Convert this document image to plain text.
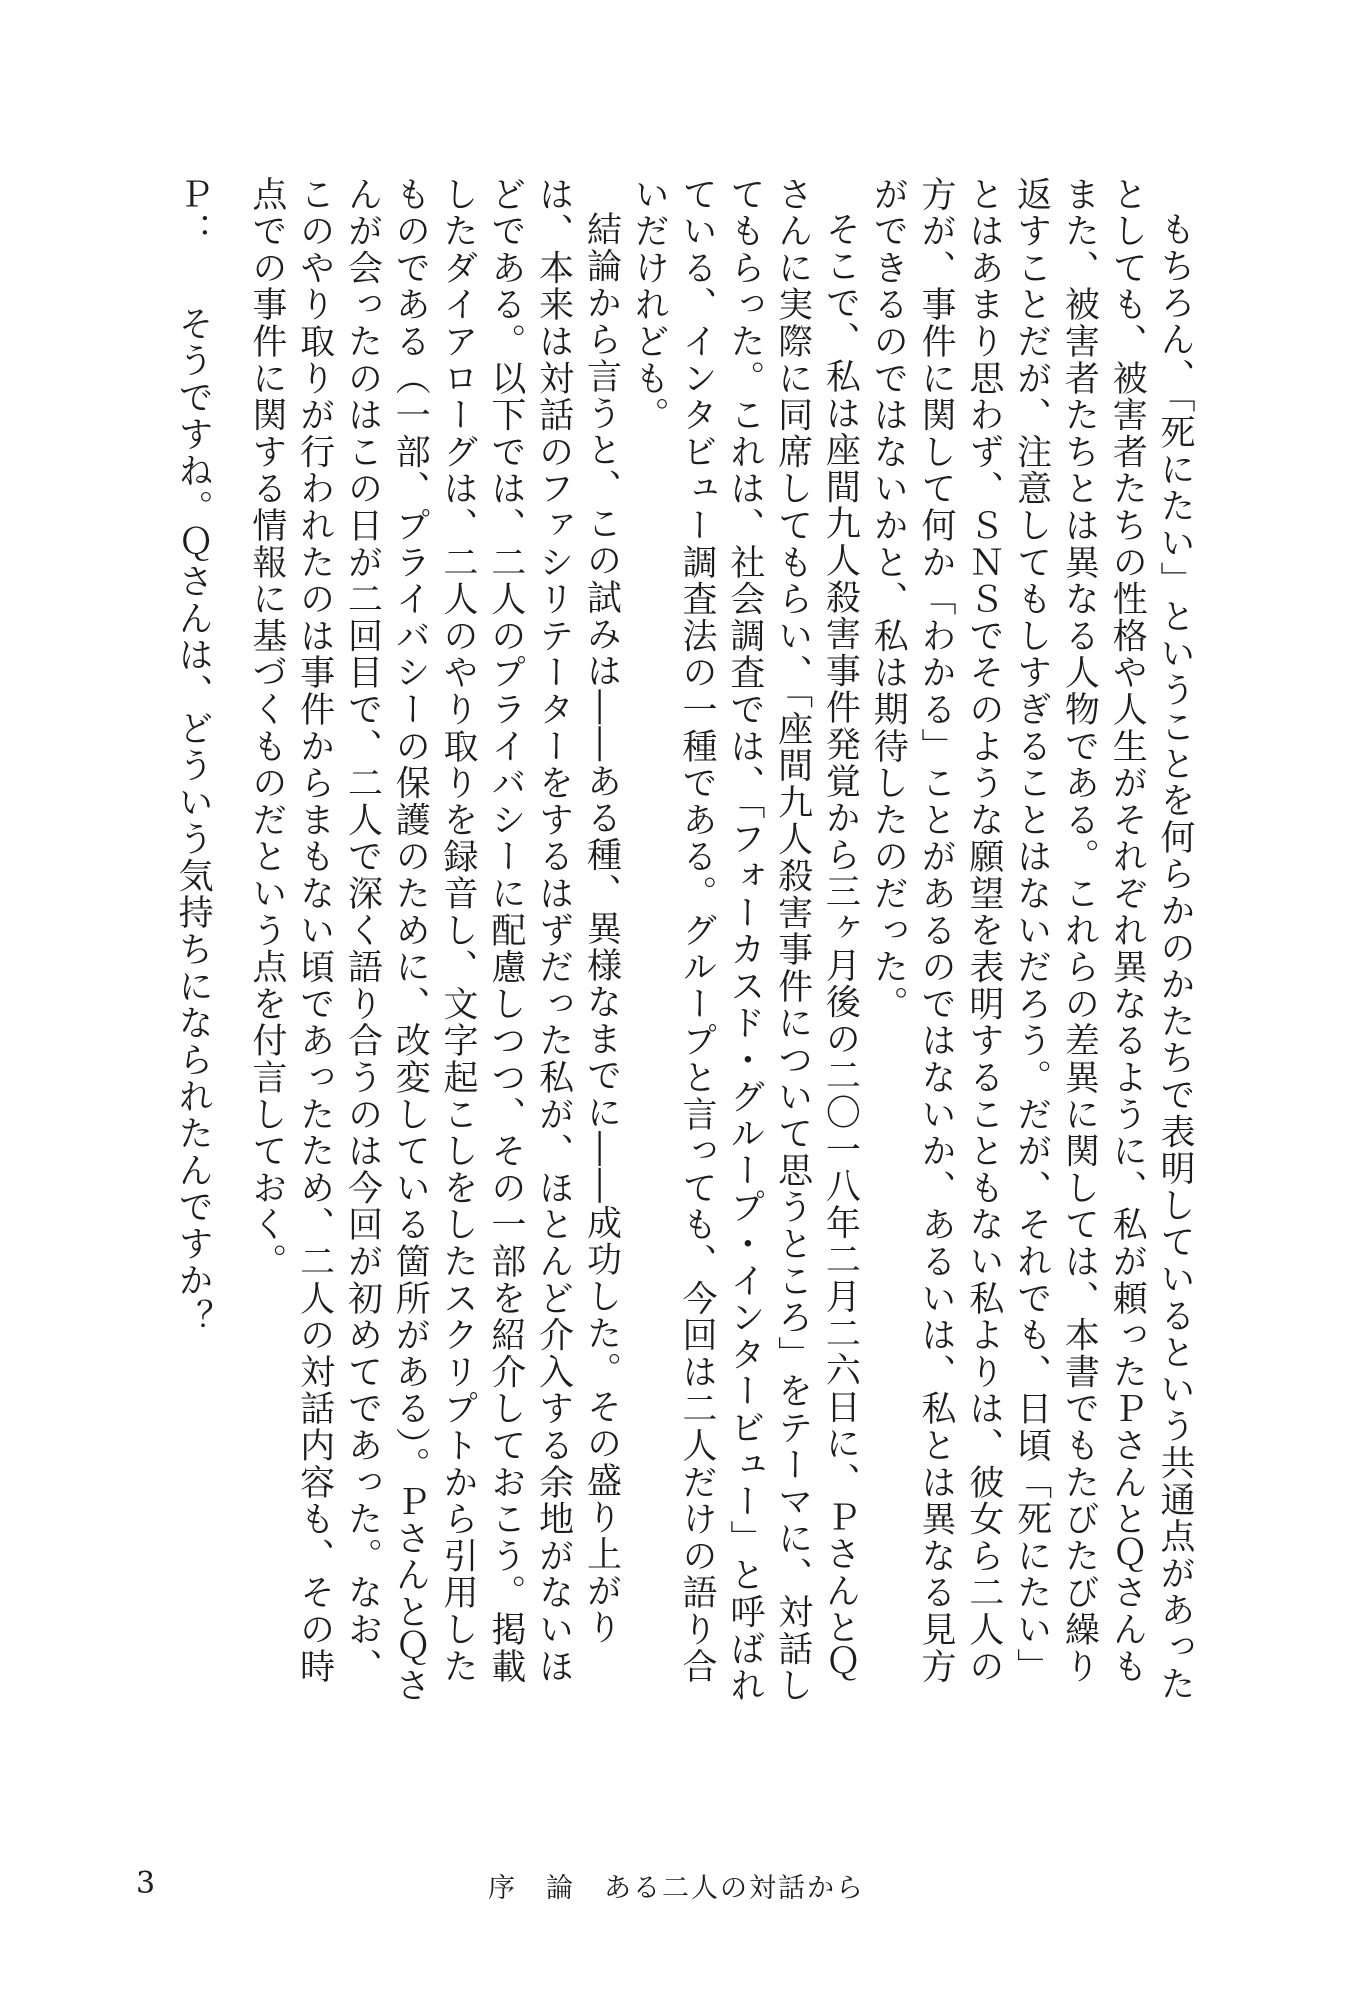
もちろん、「死にたい」ということを何らかのかたちで表明しているという共通点があったとしても、被害者たちの性格や人生がそれぞれ異なるように、私が頼ったＰさんとＱさんもまた、被害者たちとは異なる人物である。これらの差異に関しては、本書でもたびたび繰り返すことだが、注意してもしすぎることはないだろう。だが、それでも、日頃「死にたい」とはあまり思わず、ＳＮＳでそのような願望を表明することもない私よりは、彼女ら二人の方が、事件に関して何か「わかる」ことがあるのではないか、あるいは、私とは異なる見方ができるのではないかと、私は期待したのだった。

そこで、私は座間九人殺害事件発覚から三ヶ月後の二〇一八年二月二六日に、ＰさんとＱさんに実際に同席してもらい、「座間九人殺害事件について思うところ」をテーマに、対話してもらった。これは、社会調査では、「フォーカスド・グループ・インタービュー」と呼ばれている、インタビュー調査法の一種である。グループと言っても、今回は二人だけの語り合いだけれども。

結論から言うと、この試みは――ある種、異様なまでに――成功した。その盛り上がりは、本来は対話のファシリテーターをするはずだった私が、ほとんど介入する余地がないほどである。以下では、二人のプライバシーに配慮しつつ、その一部を紹介しておこう。掲載したダイアローグは、二人のやり取りを録音し、文字起こしをしたスクリプトから引用したものである（一部、プライバシーの保護のために、改変している箇所がある）。ＰさんとＱさんが会ったのはこの日が二回目で、二人で深く語り合うのは今回が初めてであった。なお、このやり取りが行われたのは事件からまもない頃であったため、二人の対話内容も、その時点での事件に関する情報に基づくものだという点を付言しておく。

Ｐ：そうですね。Ｑさんは、どういう気持ちになられたんですか？

3	序　論　ある二人の対話から
